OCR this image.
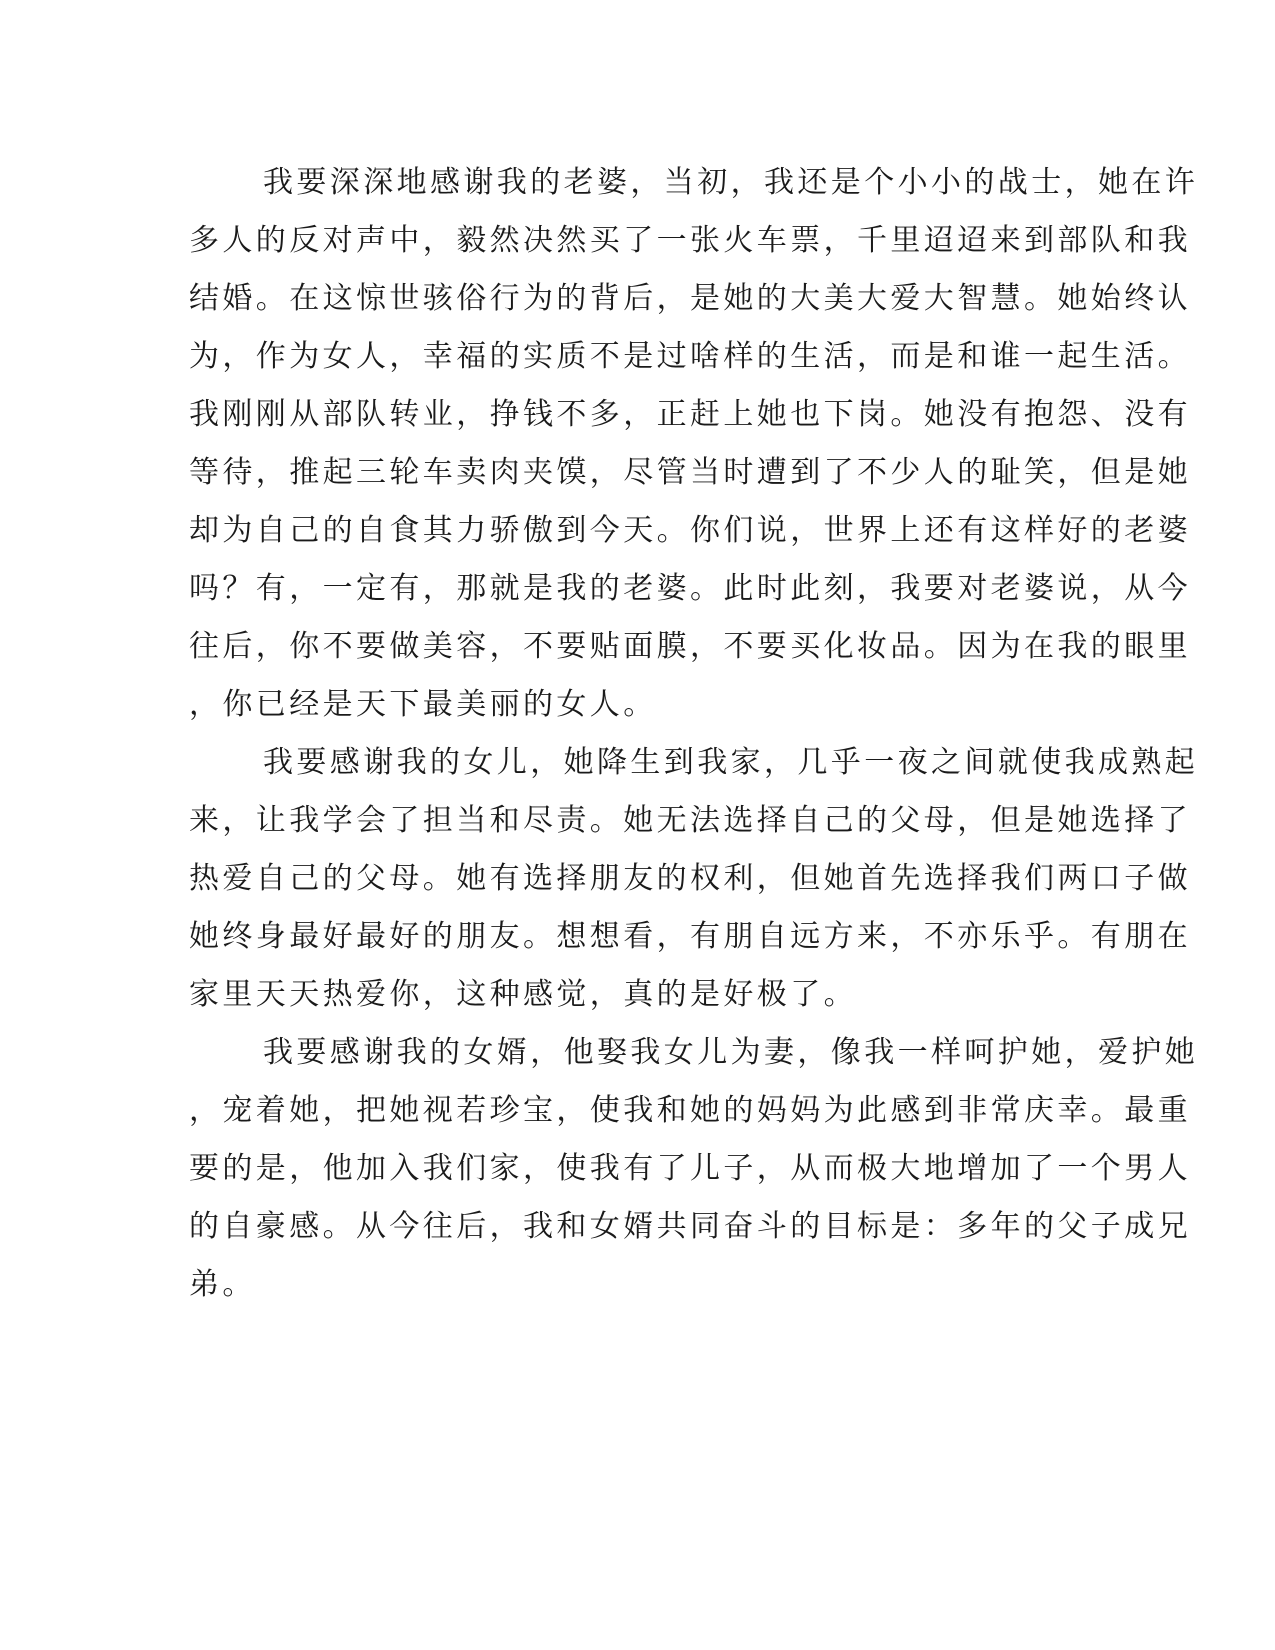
我要深深地感谢我的老婆，当初，我还是个小小的战士，她在许

多人的反对声中，毅然决然买了一张火车票，千里迢迢来到部队和我

结婚。在这惊世骇俗行为的背后，是她的大美大爱大智慧。她始终认

为，作为女人，幸福的实质不是过啥样的生活，而是和谁一起生活。

我刚刚从部队转业，挣钱不多，正赶上她也下岗。她没有抱怨、没有

等待，推起三轮车卖肉夹馍，尽管当时遭到了不少人的耻笑，但是她

却为自己的自食其力骄傲到今天。你们说，世界上还有这样好的老婆

吗？有，一定有，那就是我的老婆。此时此刻，我要对老婆说，从今

往后，你不要做美容，不要贴面膜，不要买化妆品。因为在我的眼里

，你已经是天下最美丽的女人。

我要感谢我的女儿，她降生到我家，几乎一夜之间就使我成熟起

来，让我学会了担当和尽责。她无法选择自己的父母，但是她选择了

热爱自己的父母。她有选择朋友的权利，但她首先选择我们两口子做

她终身最好最好的朋友。想想看，有朋自远方来，不亦乐乎。有朋在

家里天天热爱你，这种感觉，真的是好极了。

我要感谢我的女婿，他娶我女儿为妻，像我一样呵护她，爱护她

，宠着她，把她视若珍宝，使我和她的妈妈为此感到非常庆幸。最重

要的是，他加入我们家，使我有了儿子，从而极大地增加了一个男人

的自豪感。从今往后，我和女婿共同奋斗的目标是：多年的父子成兄

弟。
